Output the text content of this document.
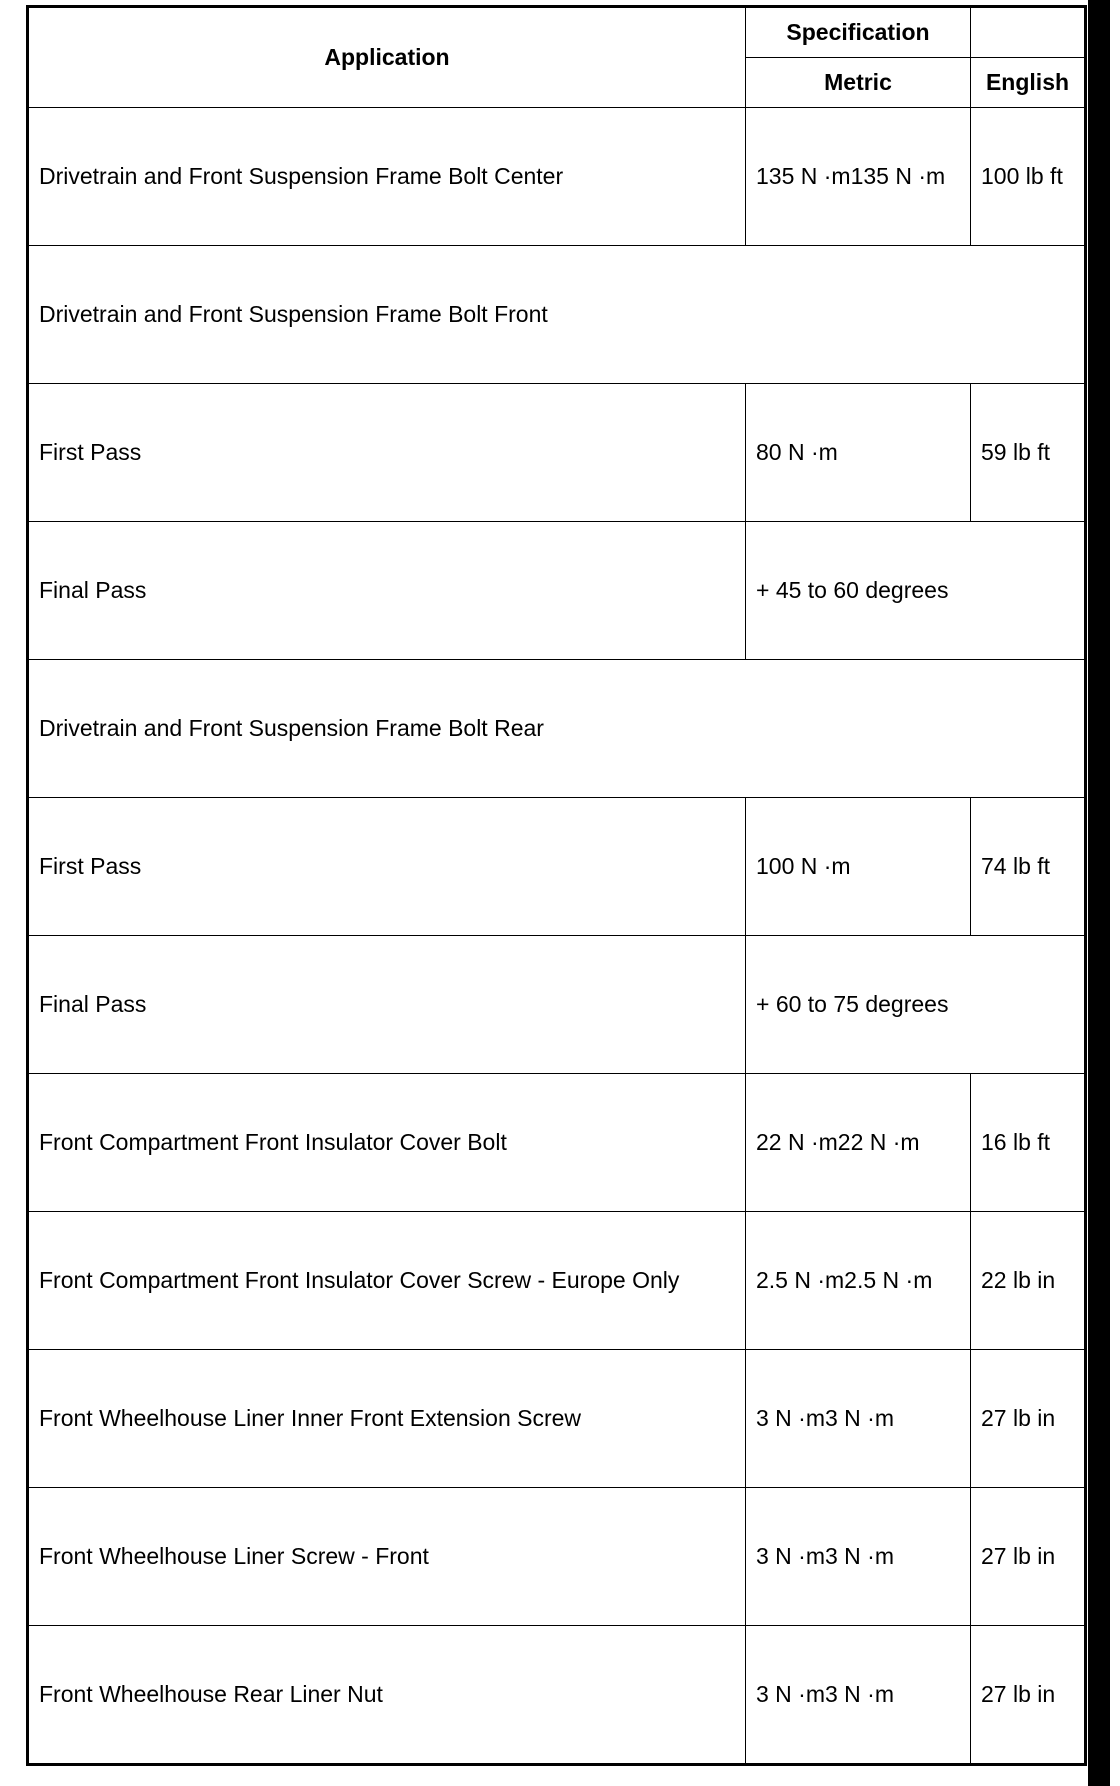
Application	Specification	
	Metric	English
Drivetrain and Front Suspension Frame Bolt Center	135 N ·m135 N ·m	100 lb ft
Drivetrain and Front Suspension Frame Bolt Front		

First Pass	80 N ·m	59 lb ft

Final Pass	+ 45 to 60 degrees	
Drivetrain and Front Suspension Frame Bolt Rear		

First Pass	100 N ·m	74 lb ft

Final Pass	+ 60 to 75 degrees	
Front Compartment Front Insulator Cover Bolt	22 N ·m22 N ·m	16 lb ft
Front Compartment Front Insulator Cover Screw - Europe Only	2.5 N ·m2.5 N ·m	22 lb in
Front Wheelhouse Liner Inner Front Extension Screw	3 N ·m3 N ·m	27 lb in
Front Wheelhouse Liner Screw - Front	3 N ·m3 N ·m	27 lb in
Front Wheelhouse Rear Liner Nut	3 N ·m3 N ·m	27 lb in
